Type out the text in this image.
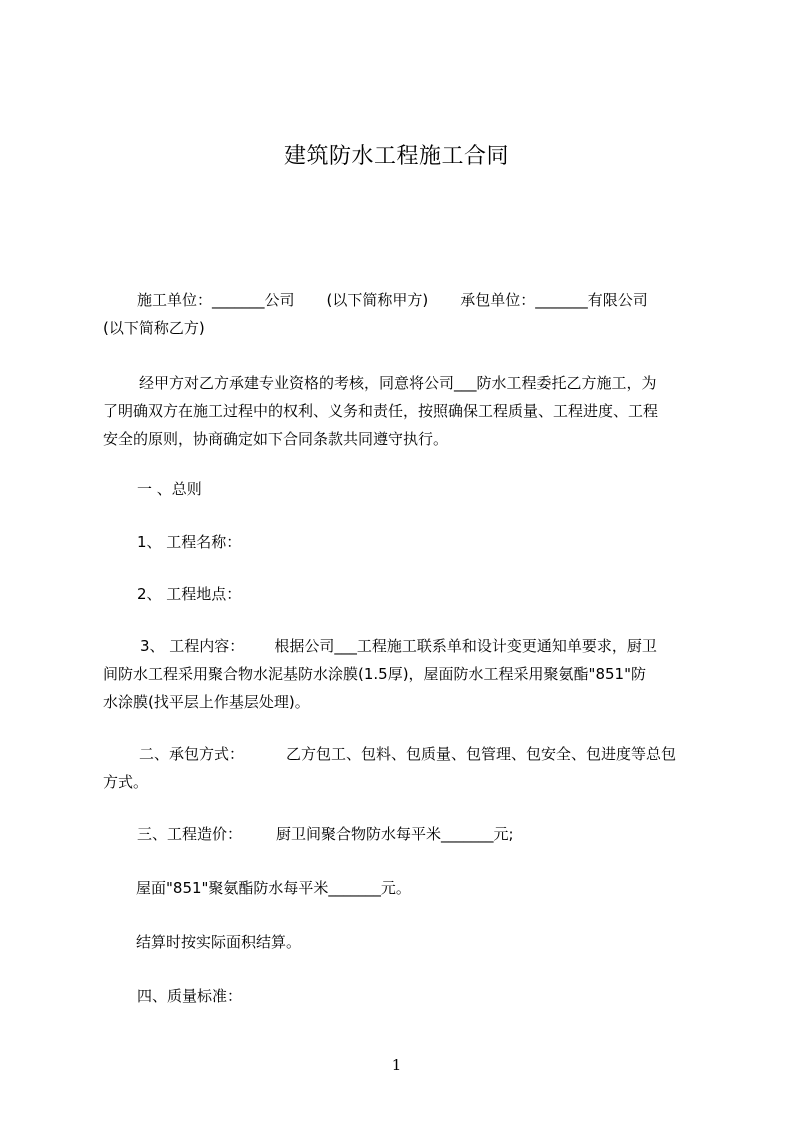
建筑防水工程施工合同
施工单位：_______公司 (以下简称甲方) 承包单位：_______有限公司
(以下简称乙方)
经甲方对乙方承建专业资格的考核，同意将公司___防水工程委托乙方施工，为
了明确双方在施工过程中的权利、义务和责任，按照确保工程质量、工程进度、工程
安全的原则，协商确定如下合同条款共同遵守执行。
一 、总则
1、 工程名称：
2、 工程地点：
3、 工程内容： 根据公司___工程施工联系单和设计变更通知单要求，厨卫
间防水工程采用聚合物水泥基防水涂膜(1.5厚)，屋面防水工程采用聚氨酯"851"防
水涂膜(找平层上作基层处理)。
二、承包方式：	乙方包工、包料、包质量、包管理、包安全、包进度等总包
方式。
三、工程造价： 厨卫间聚合物防水每平米_______元;
屋面"851"聚氨酯防水每平米_______元。
结算时按实际面积结算。
四、质量标准：
1
